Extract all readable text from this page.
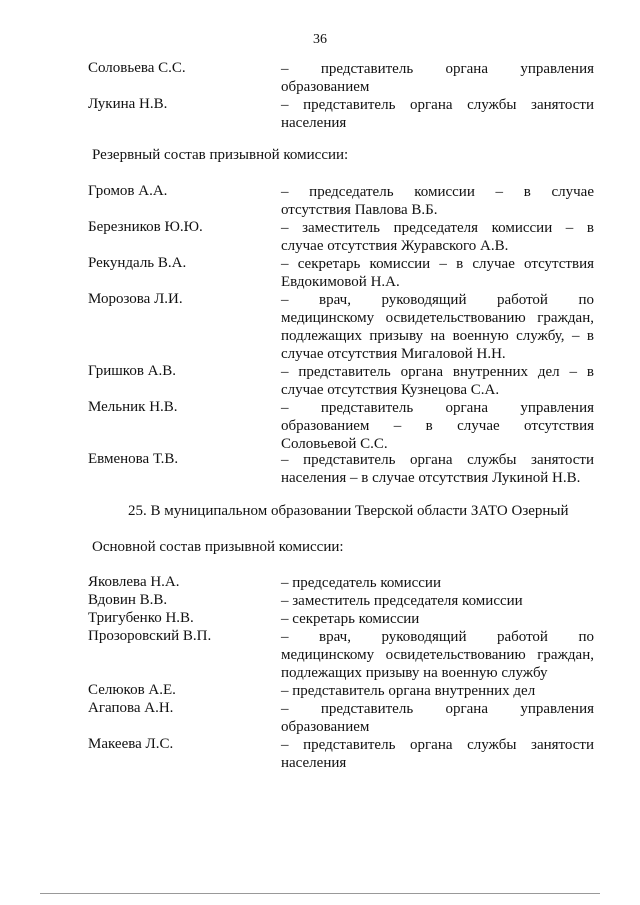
36
Соловьева С.С.	– представитель органа управления
образованием
Лукина Н.В.	– представитель органа службы занятости
населения
Резервный состав призывной комиссии:
Громов А.А.	– председатель комиссии – в случае
отсутствия Павлова В.Б.
Березников Ю.Ю.	– заместитель председателя комиссии – в
случае отсутствия Журавского А.В.
Рекундаль В.А.	– секретарь комиссии – в случае отсутствия
Евдокимовой Н.А.
Морозова Л.И.	– врач, руководящий работой по
медицинскому освидетельствованию граждан,
подлежащих призыву на военную службу, – в
случае отсутствия Мигаловой Н.Н.
Гришков А.В.	– представитель органа внутренних дел – в
случае отсутствия Кузнецова С.А.
Мельник Н.В.	– представитель органа управления
образованием – в случае отсутствия
Соловьевой С.С.
Евменова Т.В.	– представитель органа службы занятости
населения – в случае отсутствия Лукиной Н.В.
25. В муниципальном образовании Тверской области ЗАТО Озерный
Основной состав призывной комиссии:
Яковлева Н.А.	– председатель комиссии
Вдовин В.В.	– заместитель председателя комиссии
Тригубенко Н.В.	– секретарь комиссии
Прозоровский В.П.	– врач, руководящий работой по
медицинскому освидетельствованию граждан,
подлежащих призыву на военную службу
Селюков А.Е.	– представитель органа внутренних дел
Агапова А.Н.	– представитель органа управления
образованием
Макеева Л.С.	– представитель органа службы занятости
населения
